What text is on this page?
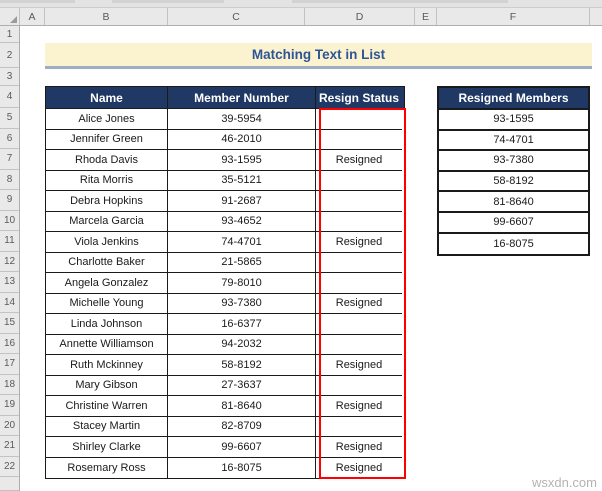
A	B	C	D	E	F
1
2
3
4
5
6
7
8
9
10
11
12
13
14
15
16
17
18
19
20
21
22
Matching Text in List
Name	Member Number	Resign Status
Alice Jones	39-5954
Jennifer Green	46-2010
Rhoda Davis	93-1595	Resigned
Rita Morris	35-5121
Debra Hopkins	91-2687
Marcela Garcia	93-4652
Viola Jenkins	74-4701	Resigned
Charlotte Baker	21-5865
Angela Gonzalez	79-8010
Michelle Young	93-7380	Resigned
Linda Johnson	16-6377
Annette Williamson	94-2032
Ruth Mckinney	58-8192	Resigned
Mary Gibson	27-3637
Christine Warren	81-8640	Resigned
Stacey Martin	82-8709
Shirley Clarke	99-6607	Resigned
Rosemary Ross	16-8075	Resigned
Resigned Members
93-1595
74-4701
93-7380
58-8192
81-8640
99-6607
16-8075
wsxdn.com
